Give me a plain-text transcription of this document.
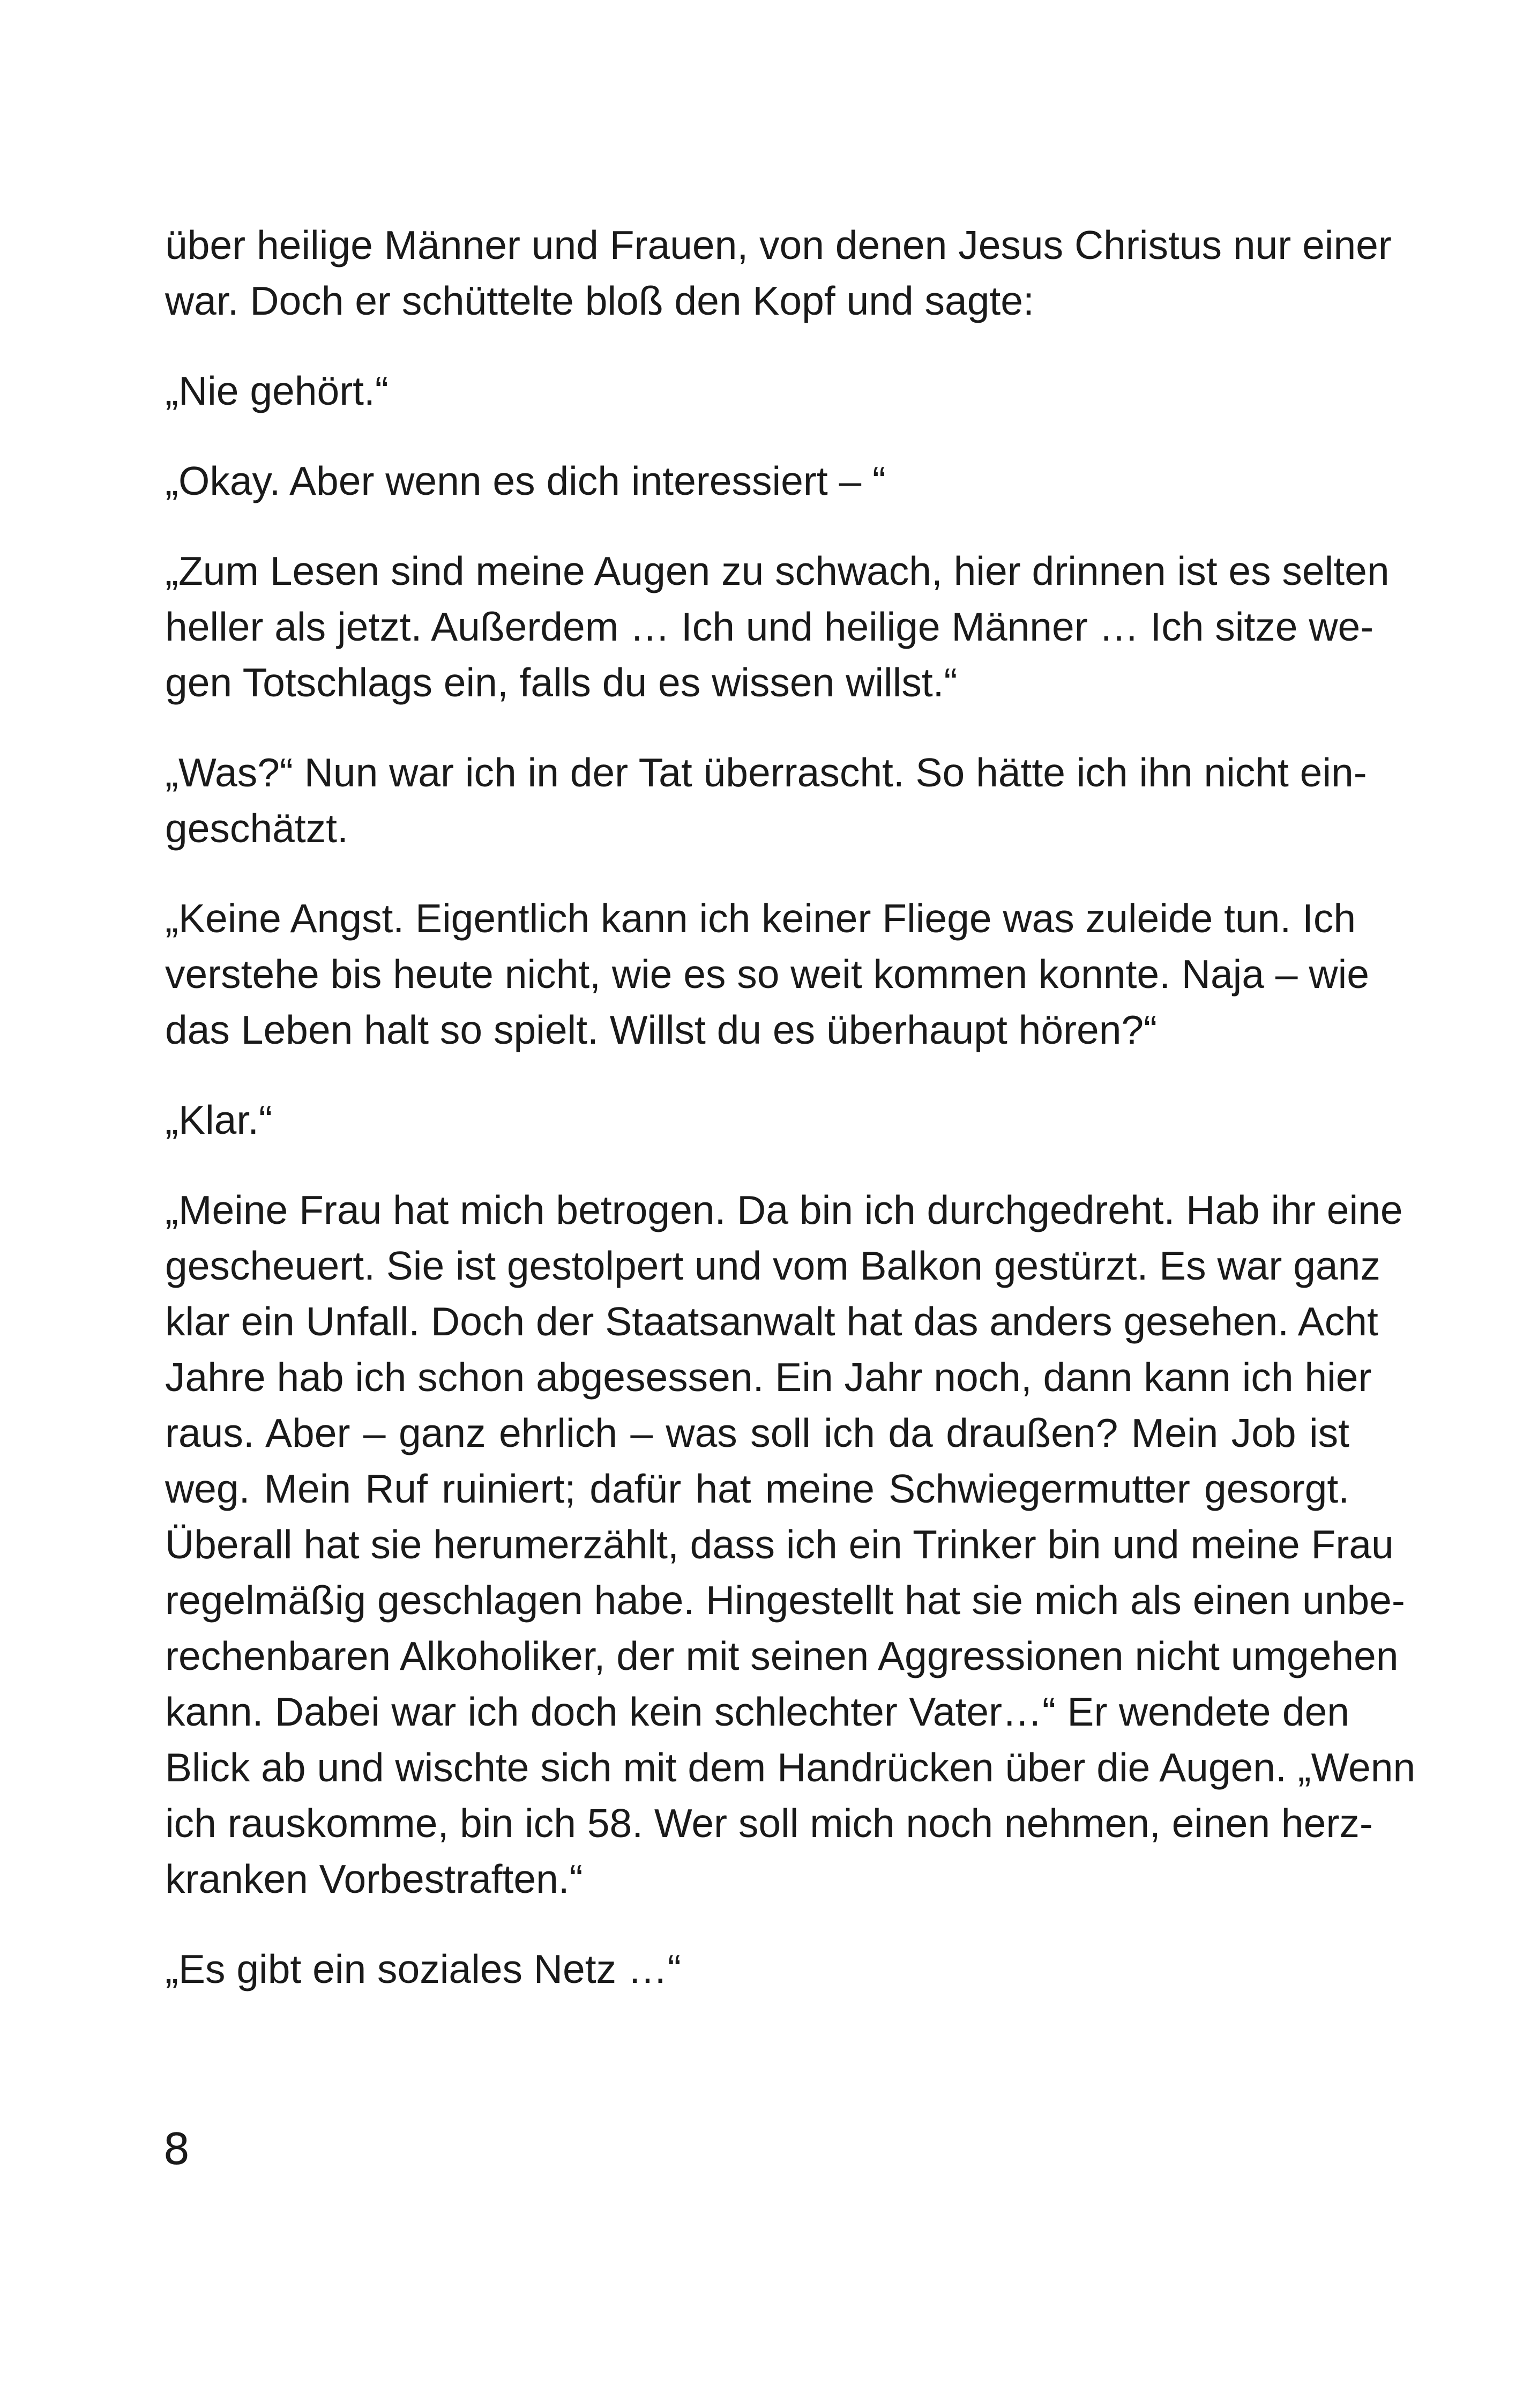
über heilige Männer und Frauen, von denen Jesus Christus nur einer
war. Doch er schüttelte bloß den Kopf und sagte:

„Nie gehört.“

„Okay. Aber wenn es dich interessiert – “

„Zum Lesen sind meine Augen zu schwach, hier drinnen ist es selten
heller als jetzt. Außerdem … Ich und heilige Männer … Ich sitze we-
gen Totschlags ein, falls du es wissen willst.“

„Was?“ Nun war ich in der Tat überrascht. So hätte ich ihn nicht ein-
geschätzt.

„Keine Angst. Eigentlich kann ich keiner Fliege was zuleide tun. Ich
verstehe bis heute nicht, wie es so weit kommen konnte. Naja – wie
das Leben halt so spielt. Willst du es überhaupt hören?“

„Klar.“

„Meine Frau hat mich betrogen. Da bin ich durchgedreht. Hab ihr eine
gescheuert. Sie ist gestolpert und vom Balkon gestürzt. Es war ganz
klar ein Unfall. Doch der Staatsanwalt hat das anders gesehen. Acht
Jahre hab ich schon abgesessen. Ein Jahr noch, dann kann ich hier
raus. Aber – ganz ehrlich – was soll ich da draußen? Mein Job ist
weg. Mein Ruf ruiniert; dafür hat meine Schwiegermutter gesorgt.
Überall hat sie herumerzählt, dass ich ein Trinker bin und meine Frau
regelmäßig geschlagen habe. Hingestellt hat sie mich als einen unbe-
rechenbaren Alkoholiker, der mit seinen Aggressionen nicht umgehen
kann. Dabei war ich doch kein schlechter Vater…“ Er wendete den
Blick ab und wischte sich mit dem Handrücken über die Augen. „Wenn
ich rauskomme, bin ich 58. Wer soll mich noch nehmen, einen herz-
kranken Vorbestraften.“

„Es gibt ein soziales Netz …“

8
